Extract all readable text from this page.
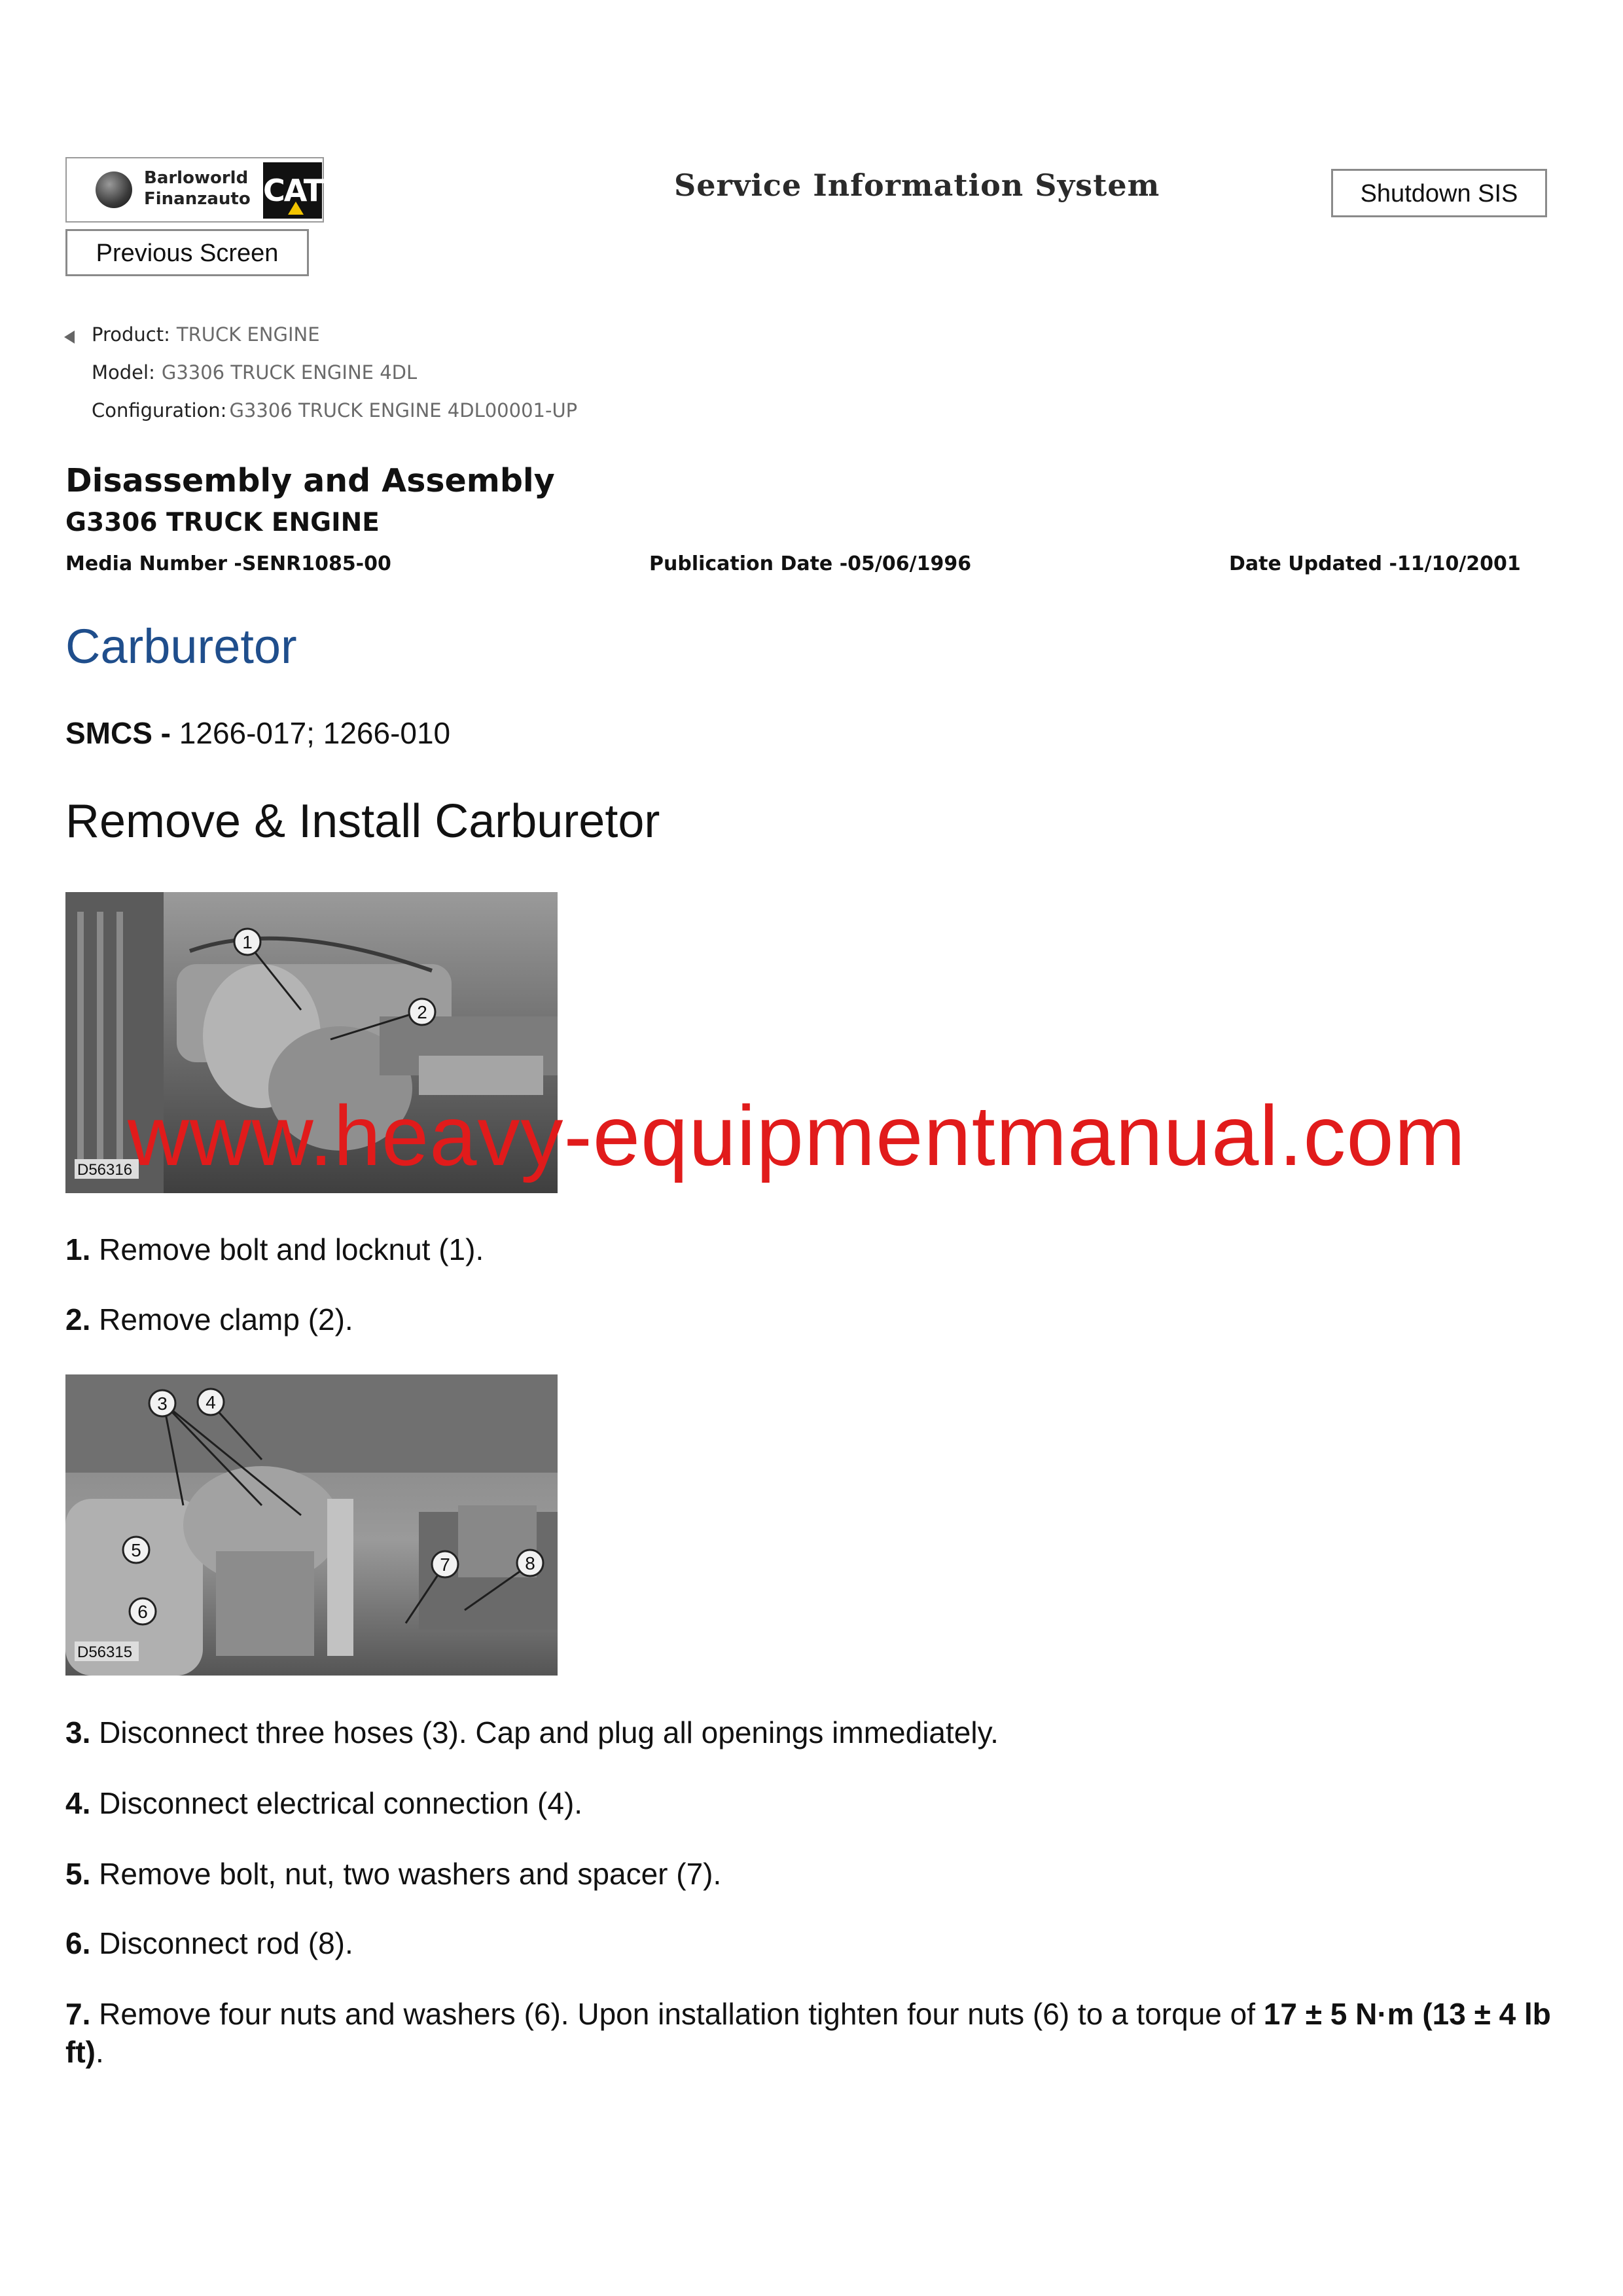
Barloworld
Finanzauto CAT	Service Information System	Shutdown SIS
Previous Screen
Product: TRUCK ENGINE
Model: G3306 TRUCK ENGINE 4DL
Configuration: G3306 TRUCK ENGINE 4DL00001-UP
Disassembly and Assembly
G3306 TRUCK ENGINE
Media Number -SENR1085-00	Publication Date -05/06/1996	Date Updated -11/10/2001
Carburetor
SMCS - 1266-017; 1266-010
Remove & Install Carburetor
1
2
D56316
www.heavy-equipmentmanual.com
1. Remove bolt and locknut (1).
2. Remove clamp (2).
3 4
5
6
7	8
D56315
3. Disconnect three hoses (3). Cap and plug all openings immediately.
4. Disconnect electrical connection (4).
5. Remove bolt, nut, two washers and spacer (7).
6. Disconnect rod (8).
7. Remove four nuts and washers (6). Upon installation tighten four nuts (6) to a torque of 17 ± 5 N·m (13 ± 4 lb ft).
